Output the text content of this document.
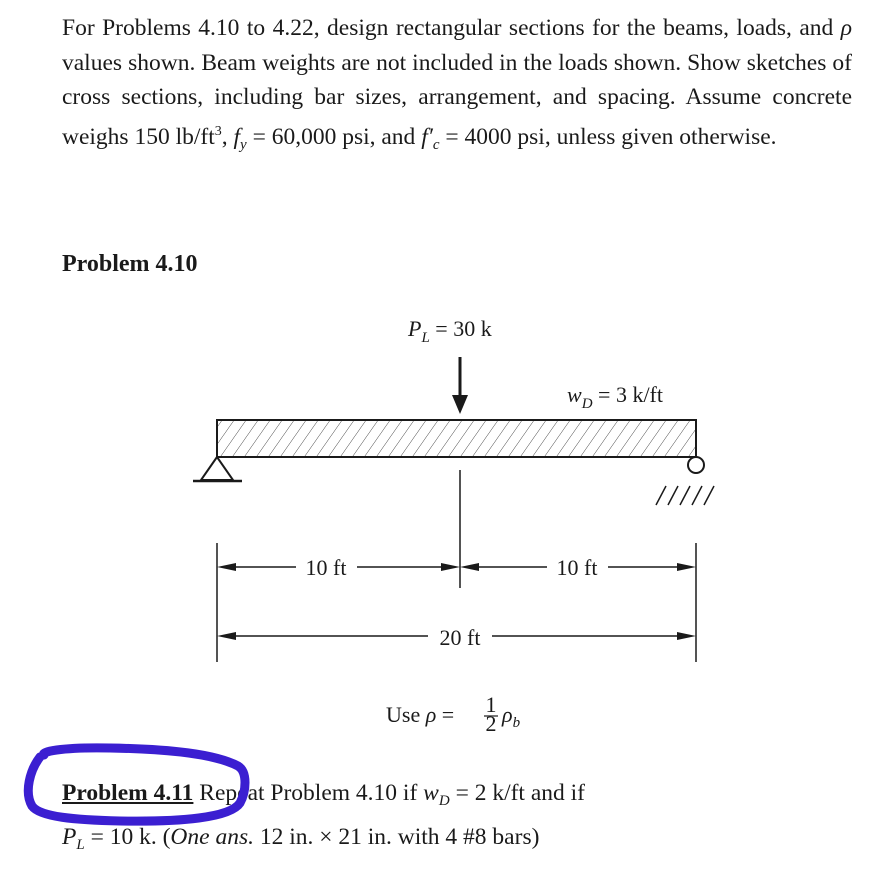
For Problems 4.10 to 4.22, design rectangular sections for the beams, loads, and ρ values shown. Beam weights are not included in the loads shown. Show sketches of cross sections, including bar sizes, arrangement, and spacing. Assume concrete weighs 150 $lb/ft^3$, $f_y = 60,000$ psi, and $f'_c = 4000$ psi, unless given otherwise.

Problem 4.10

$P_L = 30$ k
$w_D = 3$ k/ft
10 ft	10 ft
20 ft
Use ρ = 1
2 $\rho_b$

Problem 4.11 Repeat Problem 4.10 if $w_D = 2$ k/ft and if
$P_L = 10$ k. (One ans. 12 in. × 21 in. with 4 #8 bars)
